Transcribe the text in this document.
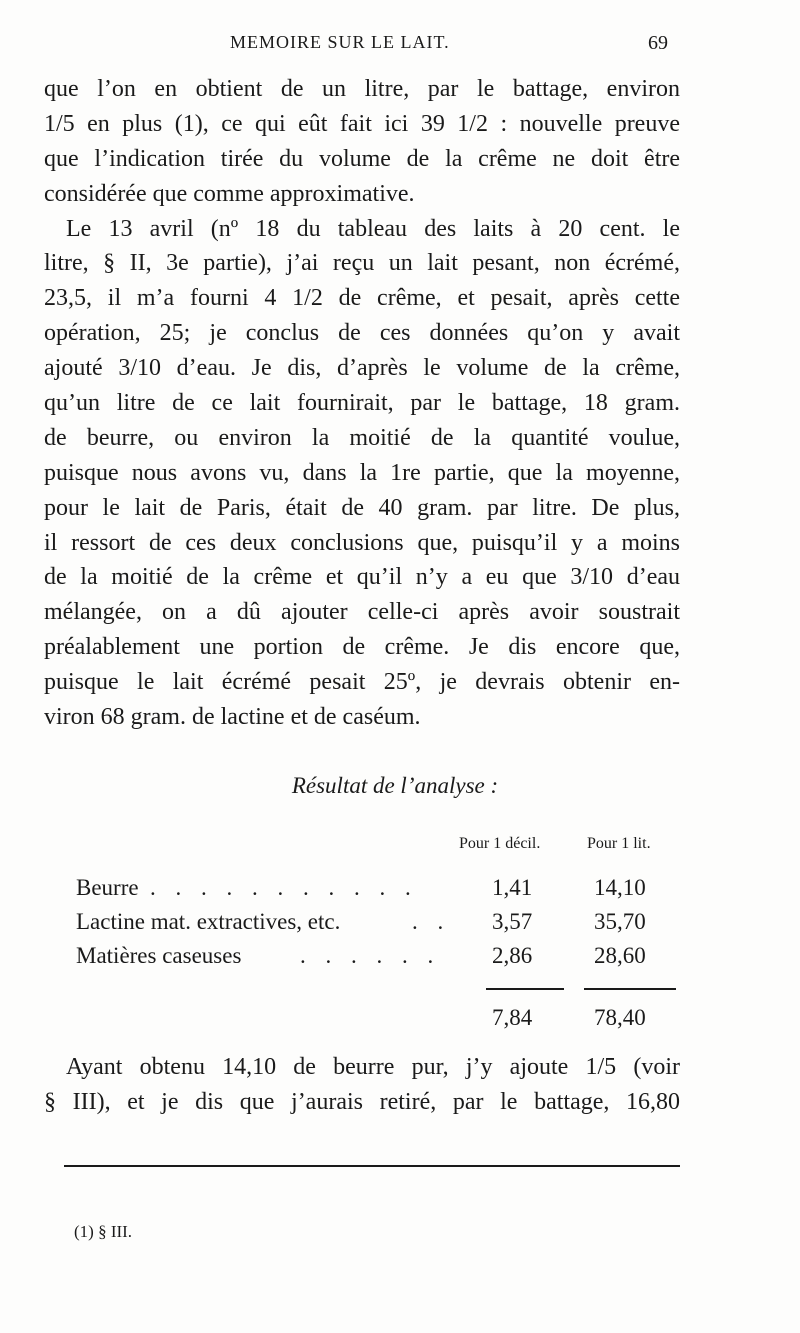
MEMOIRE SUR LE LAIT.	69
que l’on en obtient de un litre, par le battage, environ
1/5 en plus (1), ce qui eût fait ici 39 1/2 : nouvelle preuve
que l’indication tirée du volume de la crême ne doit être
considérée que comme approximative.
Le 13 avril (nº 18 du tableau des laits à 20 cent. le
litre, § II, 3e partie), j’ai reçu un lait pesant, non écrémé,
23,5, il m’a fourni 4 1/2 de crême, et pesait, après cette
opération, 25; je conclus de ces données qu’on y avait
ajouté 3/10 d’eau. Je dis, d’après le volume de la crême,
qu’un litre de ce lait fournirait, par le battage, 18 gram.
de beurre, ou environ la moitié de la quantité voulue,
puisque nous avons vu, dans la 1re partie, que la moyenne,
pour le lait de Paris, était de 40 gram. par litre. De plus,
il ressort de ces deux conclusions que, puisqu’il y a moins
de la moitié de la crême et qu’il n’y a eu que 3/10 d’eau
mélangée, on a dû ajouter celle-ci après avoir soustrait
préalablement une portion de crême. Je dis encore que,
puisque le lait écrémé pesait 25º, je devrais obtenir en-
viron 68 gram. de lactine et de caséum.
Résultat de l’analyse :
Pour 1 décil.	Pour 1 lit.
Beurre . . . . . . . . . . .	1,41	14,10
Lactine mat. extractives, etc.	. . 3,57	35,70
Matières caseuses	. . . . . . 2,86	28,60
7,84	78,40
Ayant obtenu 14,10 de beurre pur, j’y ajoute 1/5 (voir
§ III), et je dis que j’aurais retiré, par le battage, 16,80
(1) § III.
